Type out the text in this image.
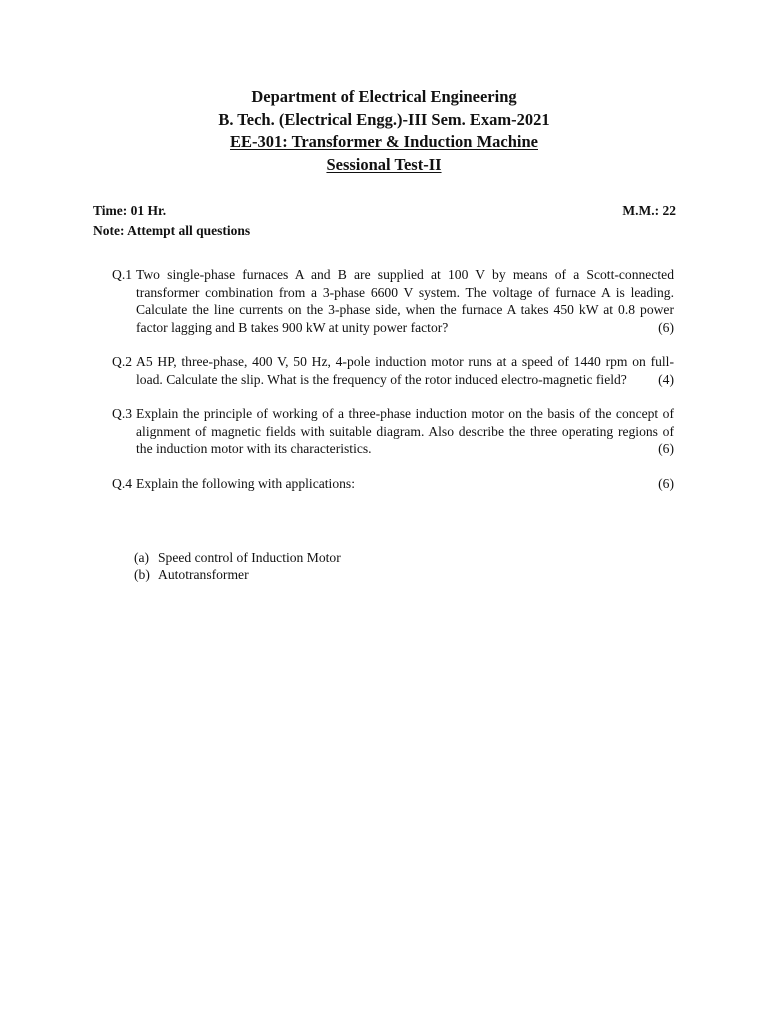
Department of Electrical Engineering
B. Tech. (Electrical Engg.)-III Sem. Exam-2021
EE-301: Transformer & Induction Machine
Sessional Test-II
Time: 01 Hr.	M.M.: 22
Note: Attempt all questions
Q.1 Two single-phase furnaces A and B are supplied at 100 V by means of a Scott-connected transformer combination from a 3-phase 6600 V system. The voltage of furnace A is leading. Calculate the line currents on the 3-phase side, when the furnace A takes 450 kW at 0.8 power factor lagging and B takes 900 kW at unity power factor?	(6)
Q.2 A5 HP, three-phase, 400 V, 50 Hz, 4-pole induction motor runs at a speed of 1440 rpm on full-load. Calculate the slip. What is the frequency of the rotor induced electro-magnetic field? (4)
Q.3 Explain the principle of working of a three-phase induction motor on the basis of the concept of alignment of magnetic fields with suitable diagram. Also describe the three operating regions of the induction motor with its characteristics.	(6)
Q.4 Explain the following with applications:	(6)
(a) Speed control of Induction Motor
(b) Autotransformer
